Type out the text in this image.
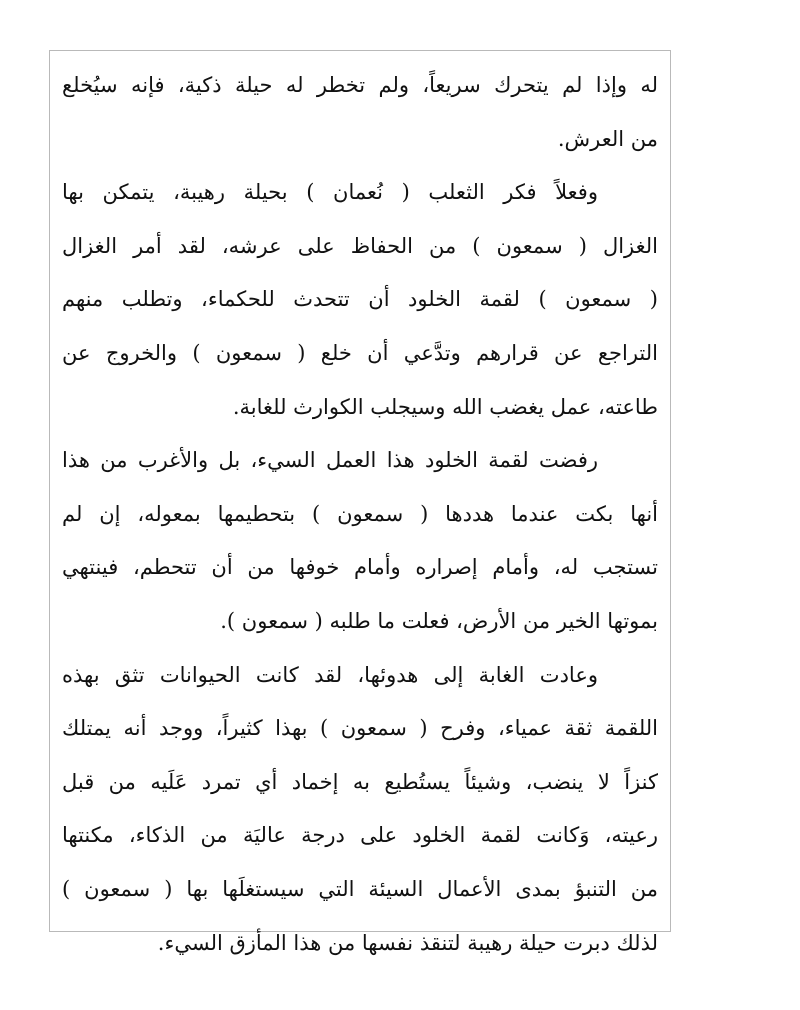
له وإذا لم يتحرك سريعاً، ولم تخطر له حيلة ذكية، فإنه سيُخلع
من العرش.
وفعلاً فكر الثعلب ( نُعمان ) بحيلة رهيبة، يتمكن بها
الغزال ( سمعون ) من الحفاظ على عرشه، لقد أمر الغزال
( سمعون ) لقمة الخلود أن تتحدث للحكماء، وتطلب منهم
التراجع عن قرارهم وتدَّعي أن خلع ( سمعون ) والخروج عن
طاعته، عمل يغضب الله وسيجلب الكوارث للغابة.
رفضت لقمة الخلود هذا العمل السيء، بل والأغرب من هذا
أنها بكت عندما هددها ( سمعون ) بتحطيمها بمعوله، إن لم
تستجب له، وأمام إصراره وأمام خوفها من أن تتحطم، فينتهي
بموتها الخير من الأرض، فعلت ما طلبه ( سمعون ).
وعادت الغابة إلى هدوئها، لقد كانت الحيوانات تثق بهذه
اللقمة ثقة عمياء، وفرح ( سمعون ) بهذا كثيراً، ووجد أنه يمتلك
كنزاً لا ينضب، وشيئاً يستُطيع به إخماد أي تمرد عَلَيه من قبل
رعيته، وَكانت لقمة الخلود على درجة عاليَة من الذكاء، مكنتها
من التنبؤ بمدى الأعمال السيئة التي سيستغلَها بها ( سمعون )
لذلك دبرت حيلة رهيبة لتنقذ نفسها من هذا المأزق السيء.
